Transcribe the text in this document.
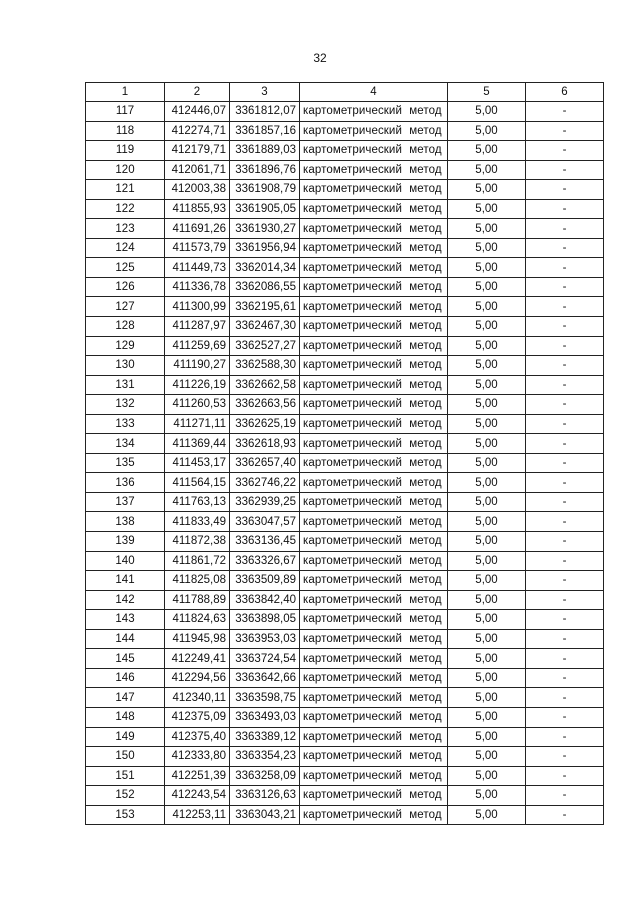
32
1	2	3	4	5	6
117	412446,07	3361812,07	картометрический метод	5,00	-
118	412274,71	3361857,16	картометрический метод	5,00	-
119	412179,71	3361889,03	картометрический метод	5,00	-
120	412061,71	3361896,76	картометрический метод	5,00	-
121	412003,38	3361908,79	картометрический метод	5,00	-
122	411855,93	3361905,05	картометрический метод	5,00	-
123	411691,26	3361930,27	картометрический метод	5,00	-
124	411573,79	3361956,94	картометрический метод	5,00	-
125	411449,73	3362014,34	картометрический метод	5,00	-
126	411336,78	3362086,55	картометрический метод	5,00	-
127	411300,99	3362195,61	картометрический метод	5,00	-
128	411287,97	3362467,30	картометрический метод	5,00	-
129	411259,69	3362527,27	картометрический метод	5,00	-
130	411190,27	3362588,30	картометрический метод	5,00	-
131	411226,19	3362662,58	картометрический метод	5,00	-
132	411260,53	3362663,56	картометрический метод	5,00	-
133	411271,11	3362625,19	картометрический метод	5,00	-
134	411369,44	3362618,93	картометрический метод	5,00	-
135	411453,17	3362657,40	картометрический метод	5,00	-
136	411564,15	3362746,22	картометрический метод	5,00	-
137	411763,13	3362939,25	картометрический метод	5,00	-
138	411833,49	3363047,57	картометрический метод	5,00	-
139	411872,38	3363136,45	картометрический метод	5,00	-
140	411861,72	3363326,67	картометрический метод	5,00	-
141	411825,08	3363509,89	картометрический метод	5,00	-
142	411788,89	3363842,40	картометрический метод	5,00	-
143	411824,63	3363898,05	картометрический метод	5,00	-
144	411945,98	3363953,03	картометрический метод	5,00	-
145	412249,41	3363724,54	картометрический метод	5,00	-
146	412294,56	3363642,66	картометрический метод	5,00	-
147	412340,11	3363598,75	картометрический метод	5,00	-
148	412375,09	3363493,03	картометрический метод	5,00	-
149	412375,40	3363389,12	картометрический метод	5,00	-
150	412333,80	3363354,23	картометрический метод	5,00	-
151	412251,39	3363258,09	картометрический метод	5,00	-
152	412243,54	3363126,63	картометрический метод	5,00	-
153	412253,11	3363043,21	картометрический метод	5,00	-
